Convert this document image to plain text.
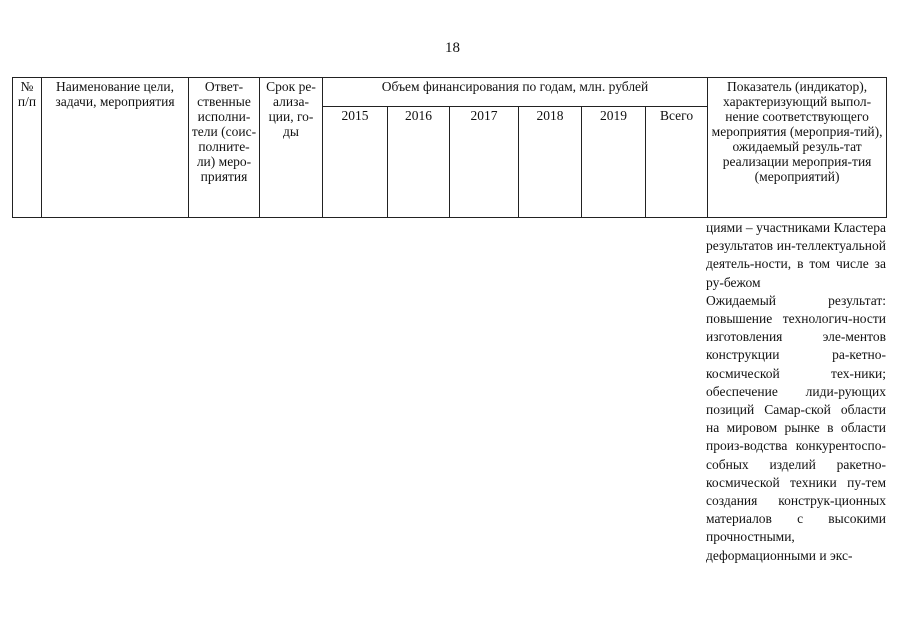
18
№ п/п	Наименование цели, задачи, мероприятия	Ответ-ственные исполни-тели (соис-полните-ли) меро-приятия	Срок ре-ализа-ции, го-ды	Объем финансирования по годам, млн. рублей						Показатель (индикатор), характеризующий выпол-нение соответствующего мероприятия (мероприя-тий), ожидаемый резуль-тат реализации мероприя-тия (мероприятий)
				2015	2016	2017	2018	2019	Всего	

циями – участниками Кластера результатов ин-теллектуальной деятель-ности, в том числе за ру-бежом

Ожидаемый результат: повышение технологич-ности изготовления эле-ментов конструкции ра-кетно-космической тех-ники; обеспечение лиди-рующих позиций Самар-ской области на мировом рынке в области произ-водства конкурентоспо-собных изделий ракетно-космической техники пу-тем создания конструк-ционных материалов с высокими прочностными, деформационными и экс-
